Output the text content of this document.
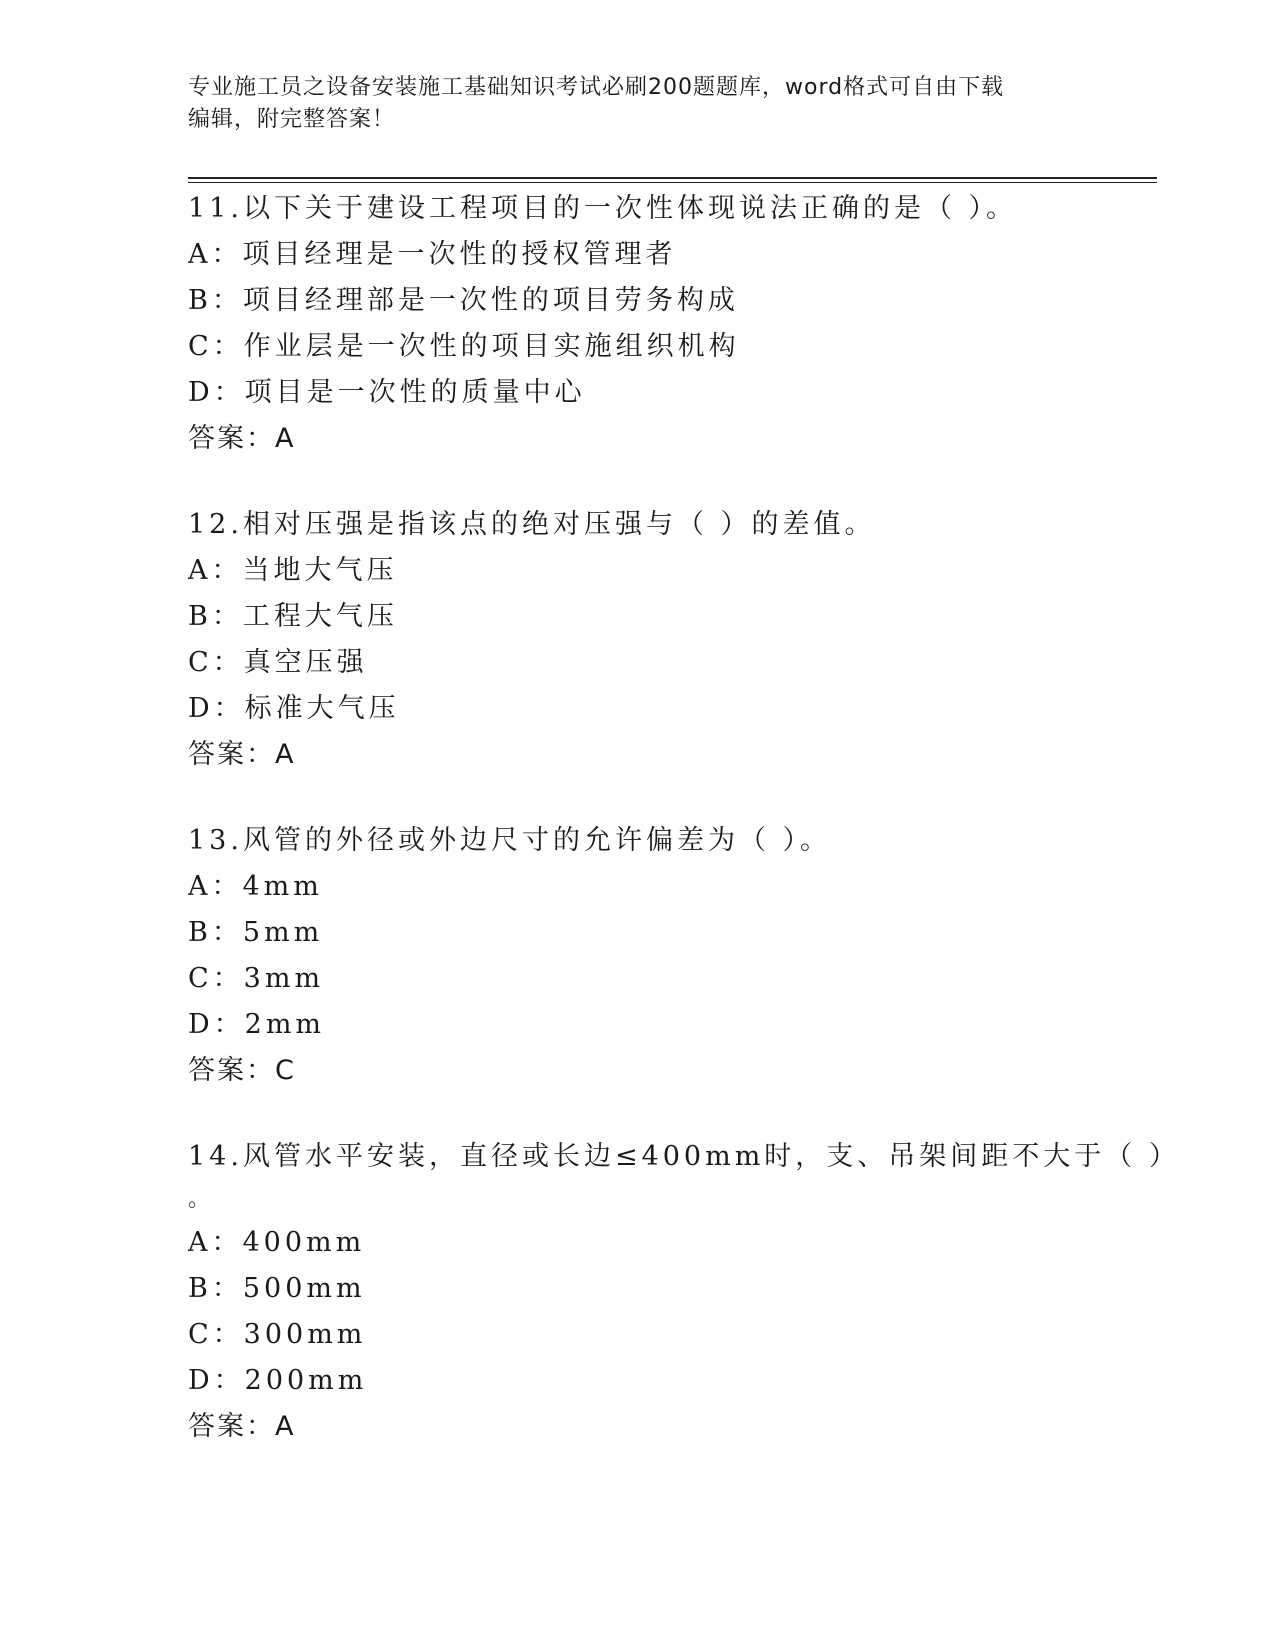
专业施工员之设备安装施工基础知识考试必刷200题题库，word格式可自由下载
编辑，附完整答案！
11.以下关于建设工程项目的一次性体现说法正确的是（ ）。
A：项目经理是一次性的授权管理者
B：项目经理部是一次性的项目劳务构成
C：作业层是一次性的项目实施组织机构
D：项目是一次性的质量中心
答案：A
12.相对压强是指该点的绝对压强与（ ）的差值。
A：当地大气压
B：工程大气压
C：真空压强
D：标准大气压
答案：A
13.风管的外径或外边尺寸的允许偏差为（ ）。
A：4mm
B：5mm
C：3mm
D：2mm
答案：C
14.风管水平安装，直径或长边≤400mm时，支、吊架间距不大于（ ）
。
A：400mm
B：500mm
C：300mm
D：200mm
答案：A
